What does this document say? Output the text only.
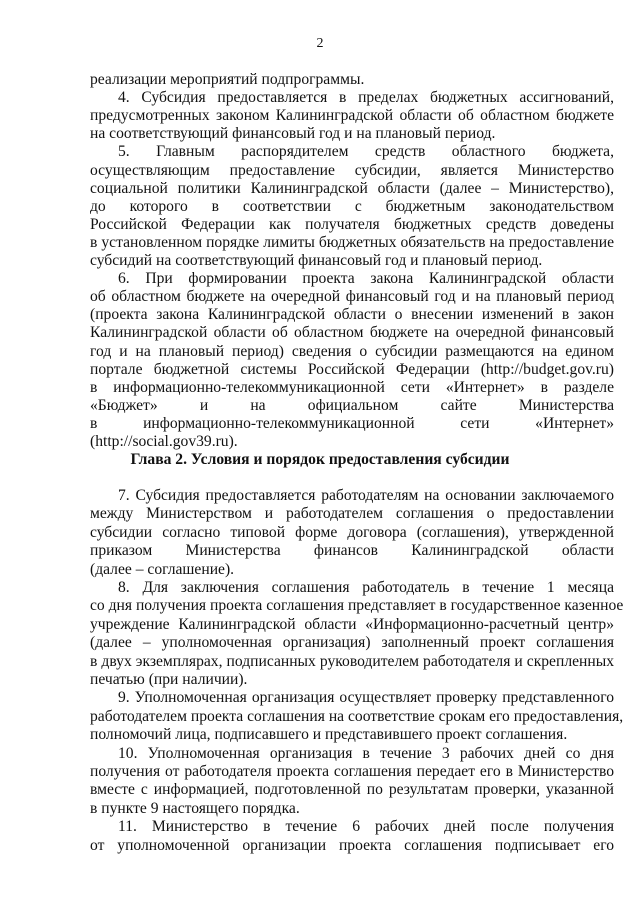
2
реализации мероприятий подпрограммы.
4. Субсидия предоставляется в пределах бюджетных ассигнований,
предусмотренных законом Калининградской области об областном бюджете
на соответствующий финансовый год и на плановый период.
5. Главным распорядителем средств областного бюджета,
осуществляющим предоставление субсидии, является Министерство
социальной политики Калининградской области (далее – Министерство),
до которого в соответствии с бюджетным законодательством
Российской Федерации как получателя бюджетных средств доведены
в установленном порядке лимиты бюджетных обязательств на предоставление
субсидий на соответствующий финансовый год и плановый период.
6. При формировании проекта закона Калининградской области
об областном бюджете на очередной финансовый год и на плановый период
(проекта закона Калининградской области о внесении изменений в закон
Калининградской области об областном бюджете на очередной финансовый
год и на плановый период) сведения о субсидии размещаются на едином
портале бюджетной системы Российской Федерации (http://budget.gov.ru)
в информационно-телекоммуникационной сети «Интернет» в разделе
«Бюджет» и на официальном сайте Министерства
в информационно-телекоммуникационной сети «Интернет»
(http://social.gov39.ru).
Глава 2. Условия и порядок предоставления субсидии
7. Субсидия предоставляется работодателям на основании заключаемого
между Министерством и работодателем соглашения о предоставлении
субсидии согласно типовой форме договора (соглашения), утвержденной
приказом Министерства финансов Калининградской области
(далее – соглашение).
8. Для заключения соглашения работодатель в течение 1 месяца
со дня получения проекта соглашения представляет в государственное казенное
учреждение Калининградской области «Информационно-расчетный центр»
(далее – уполномоченная организация) заполненный проект соглашения
в двух экземплярах, подписанных руководителем работодателя и скрепленных
печатью (при наличии).
9. Уполномоченная организация осуществляет проверку представленного
работодателем проекта соглашения на соответствие срокам его предоставления,
полномочий лица, подписавшего и представившего проект соглашения.
10. Уполномоченная организация в течение 3 рабочих дней со дня
получения от работодателя проекта соглашения передает его в Министерство
вместе с информацией, подготовленной по результатам проверки, указанной
в пункте 9 настоящего порядка.
11. Министерство в течение 6 рабочих дней после получения
от уполномоченной организации проекта соглашения подписывает его
